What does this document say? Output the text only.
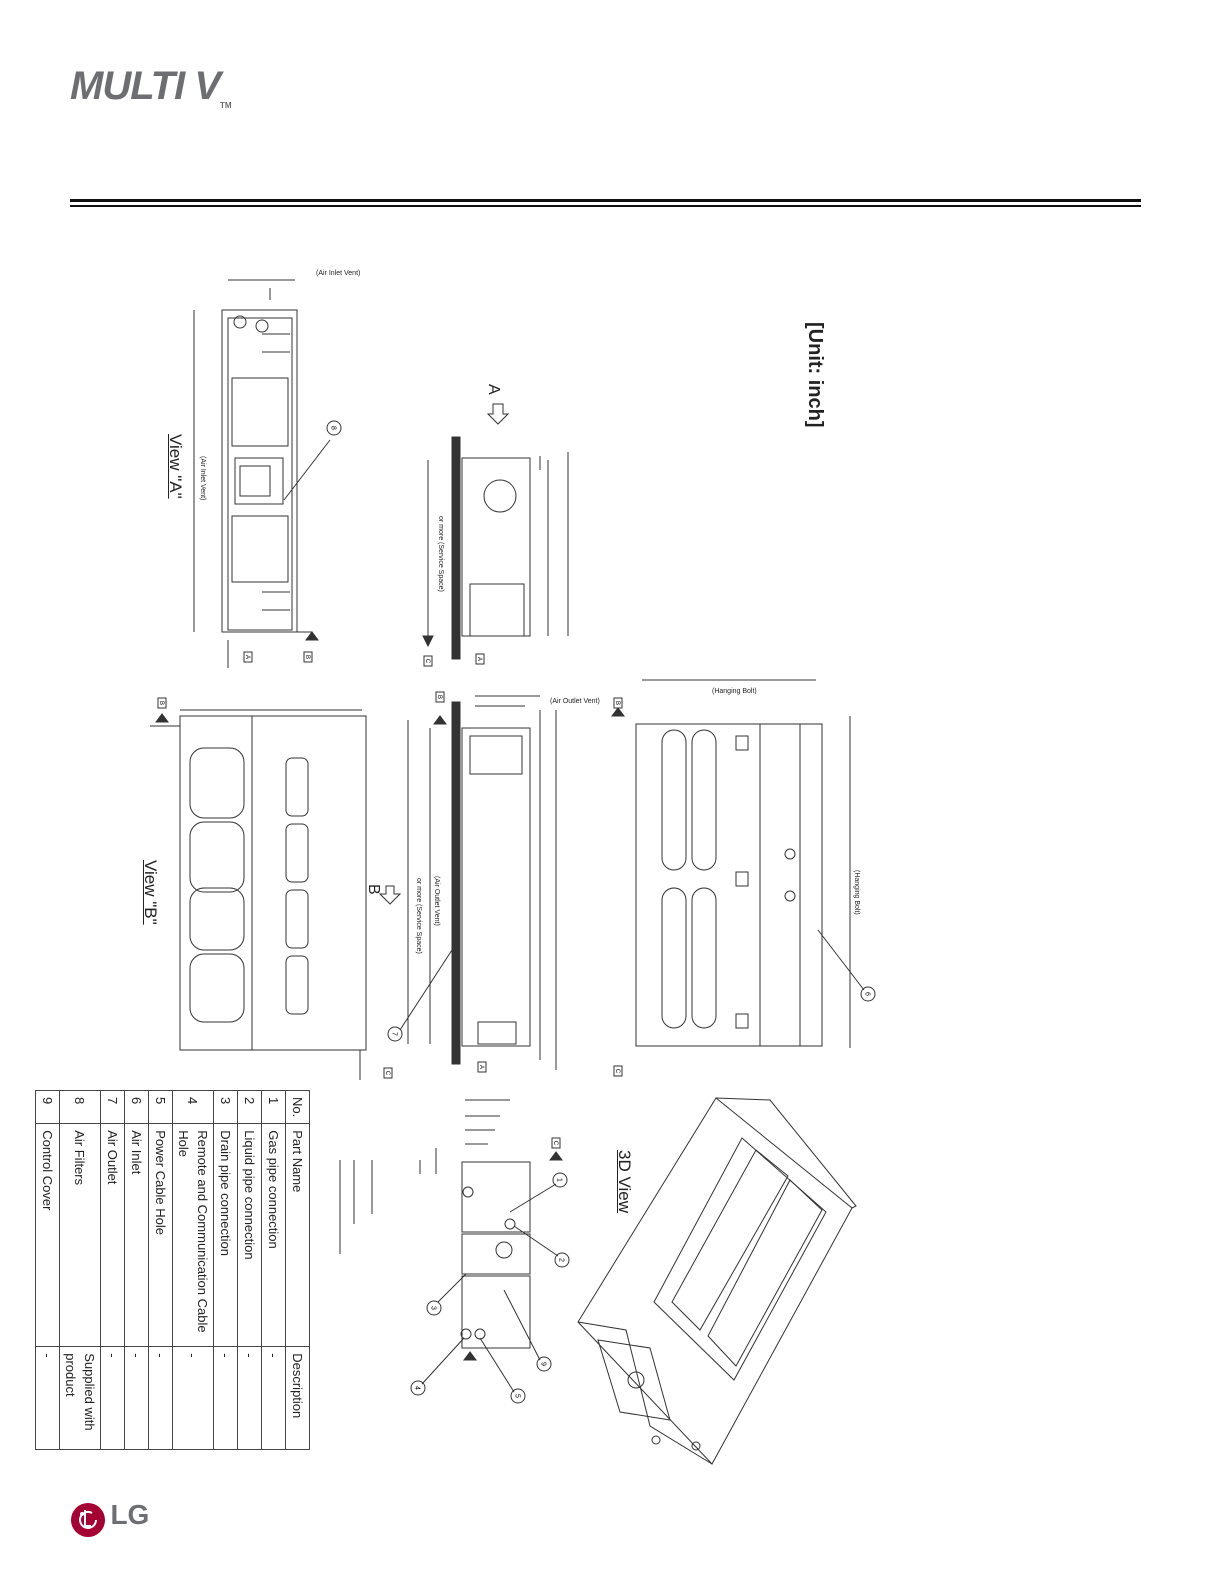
MULTI VTM
[Unit: inch]
1
2
3
4
5
6
7
8
9
A
B
C
B
C	A
B
A
B
C
C
View "A"
View "B"
3D View
A
B
(Air Inlet Vent)
(Air Inlet Vent)
or more (Service Space)
(Air Outlet Vent)
(Air Outlet Vent)
or more (Service Space)
(Hanging Bolt)
(Hanging Bolt)
No.	Part Name	Description
1	Gas pipe connection	-
2	Liquid pipe connection	-
3	Drain pipe connection	-
4	Remote and Communication Cable Hole	-
5	Power Cable Hole	-
6	Air Inlet	-
7	Air Outlet	-
8	Air Filters	Supplied with product
9	Control Cover	-
LG
